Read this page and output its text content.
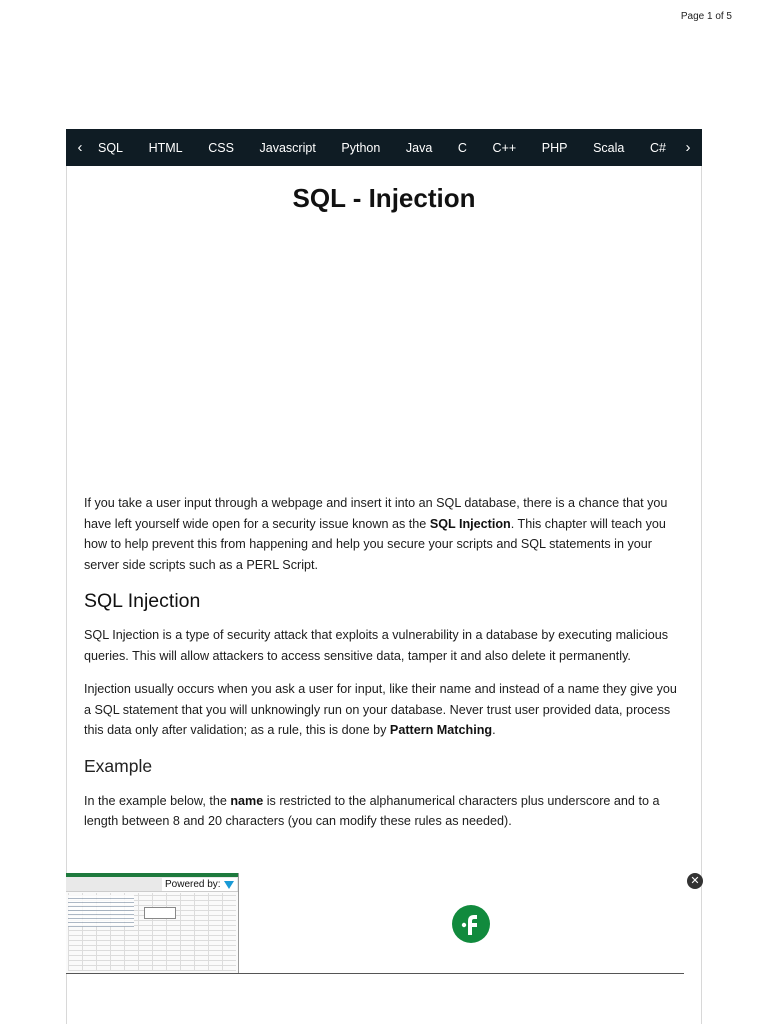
Page 1 of 5
‹	SQL HTML CSS Javascript Python Java C C++ PHP Scala C#	›
SQL - Injection

If you take a user input through a webpage and insert it into an SQL database, there is a chance that you have left yourself wide open for a security issue known as the SQL Injection. This chapter will teach you how to help prevent this from happening and help you secure your scripts and SQL statements in your server side scripts such as a PERL Script.

SQL Injection

SQL Injection is a type of security attack that exploits a vulnerability in a database by executing malicious queries. This will allow attackers to access sensitive data, tamper it and also delete it permanently.

Injection usually occurs when you ask a user for input, like their name and instead of a name they give you a SQL statement that you will unknowingly run on your database. Never trust user provided data, process this data only after validation; as a rule, this is done by Pattern Matching.

Example

In the example below, the name is restricted to the alphanumerical characters plus underscore and to a length between 8 and 20 characters (you can modify these rules as needed).

Powered by:	✕
